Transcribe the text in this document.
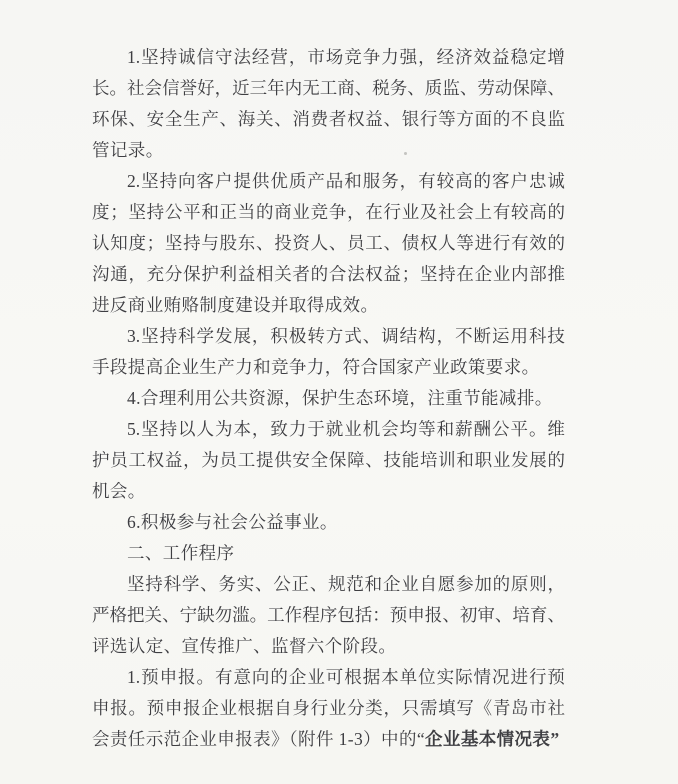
1. 坚 持 诚 信 守 法 经 营 ， 市 场 竞 争 力 强 ， 经 济 效 益 稳 定 增
长 。 社 会 信 誉 好 ， 近 三 年 内 无 工 商 、 税 务 、 质 监 、 劳 动 保 障 、
环 保 、 安 全 生 产 、 海 关 、 消 费 者 权 益 、 银 行 等 方 面 的 不 良 监
管记录。
2. 坚 持 向 客 户 提 供 优 质 产 品 和 服 务 ， 有 较 高 的 客 户 忠 诚
度 ； 坚 持 公 平 和 正 当 的 商 业 竞 争 ， 在 行 业 及 社 会 上 有 较 高 的
认 知 度 ； 坚 持 与 股 东 、 投 资 人 、 员 工 、 债 权 人 等 进 行 有 效 的
沟 通 ， 充 分 保 护 利 益 相 关 者 的 合 法 权 益 ； 坚 持 在 企 业 内 部 推
进反商业贿赂制度建设并取得成效。
3. 坚 持 科 学 发 展 ， 积 极 转 方 式 、 调 结 构 ， 不 断 运 用 科 技
手段提高企业生产力和竞争力，符合国家产业政策要求。
4.合理利用公共资源，保护生态环境，注重节能减排。
5. 坚 持 以 人 为 本 ， 致 力 于 就 业 机 会 均 等 和 薪 酬 公 平 。 维
护 员 工 权 益 ， 为 员 工 提 供 安 全 保 障 、 技 能 培 训 和 职 业 发 展 的
机会。
6.积极参与社会公益事业。
二、工作程序
坚 持 科 学 、 务 实 、 公 正 、 规 范 和 企 业 自 愿 参 加 的 原 则 ，
严 格 把 关 、 宁 缺 勿 滥 。 工 作 程 序 包 括 ： 预 申 报 、 初 审 、 培 育 、
评选认定、宣传推广、监督六个阶段。
1. 预 申 报 。 有 意 向 的 企 业 可 根 据 本 单 位 实 际 情 况 进 行 预
申 报 。 预 申 报 企 业 根 据 自 身 行 业 分 类 ， 只 需 填 写 《 青 岛 市 社
会责任示范企业申报表》（附件 1-3）中的“企业基本情况表”
